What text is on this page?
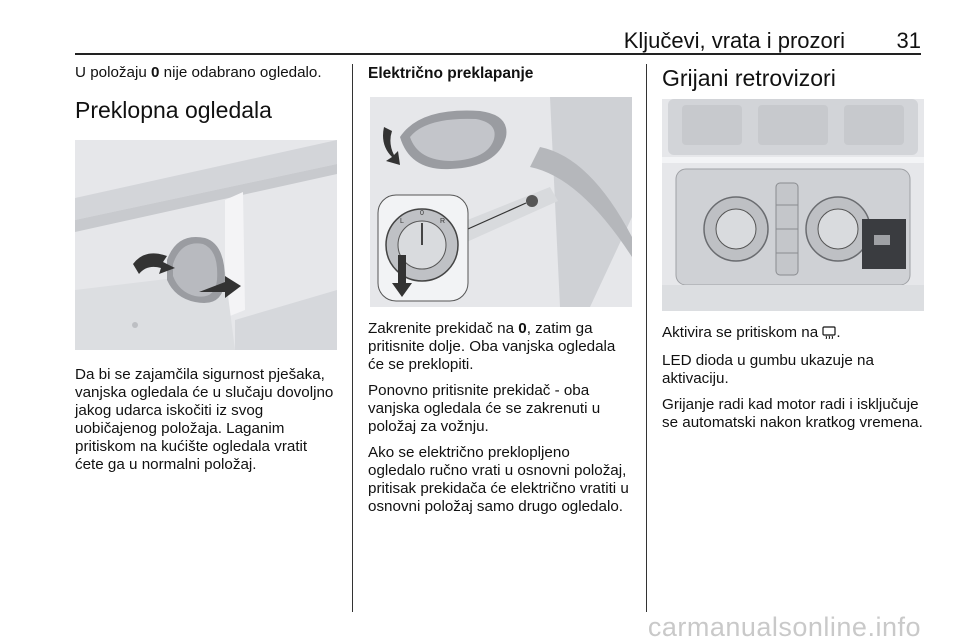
Ključevi, vrata i prozori 31

U položaju 0 nije odabrano ogledalo.

Preklopna ogledala

Da bi se zajamčila sigurnost pješaka, vanjska ogledala će u slučaju dovoljno jakog udarca iskočiti iz svog uobičajenog položaja. Laganim pritiskom na kućište ogledala vratit ćete ga u normalni položaj.

Električno preklapanje
L
0
R

Zakrenite prekidač na 0, zatim ga pritisnite dolje. Oba vanjska ogledala će se preklopiti.

Ponovno pritisnite prekidač - oba vanjska ogledala će se zakrenuti u položaj za vožnju.

Ako se električno preklopljeno ogledalo ručno vrati u osnovni položaj, pritisak prekidača će električno vratiti u osnovni položaj samo drugo ogledalo.

Grijani retrovizori

Aktivira se pritiskom na .

LED dioda u gumbu ukazuje na aktivaciju.

Grijanje radi kad motor radi i isključuje se automatski nakon kratkog vremena.

carmanualsonline.info
